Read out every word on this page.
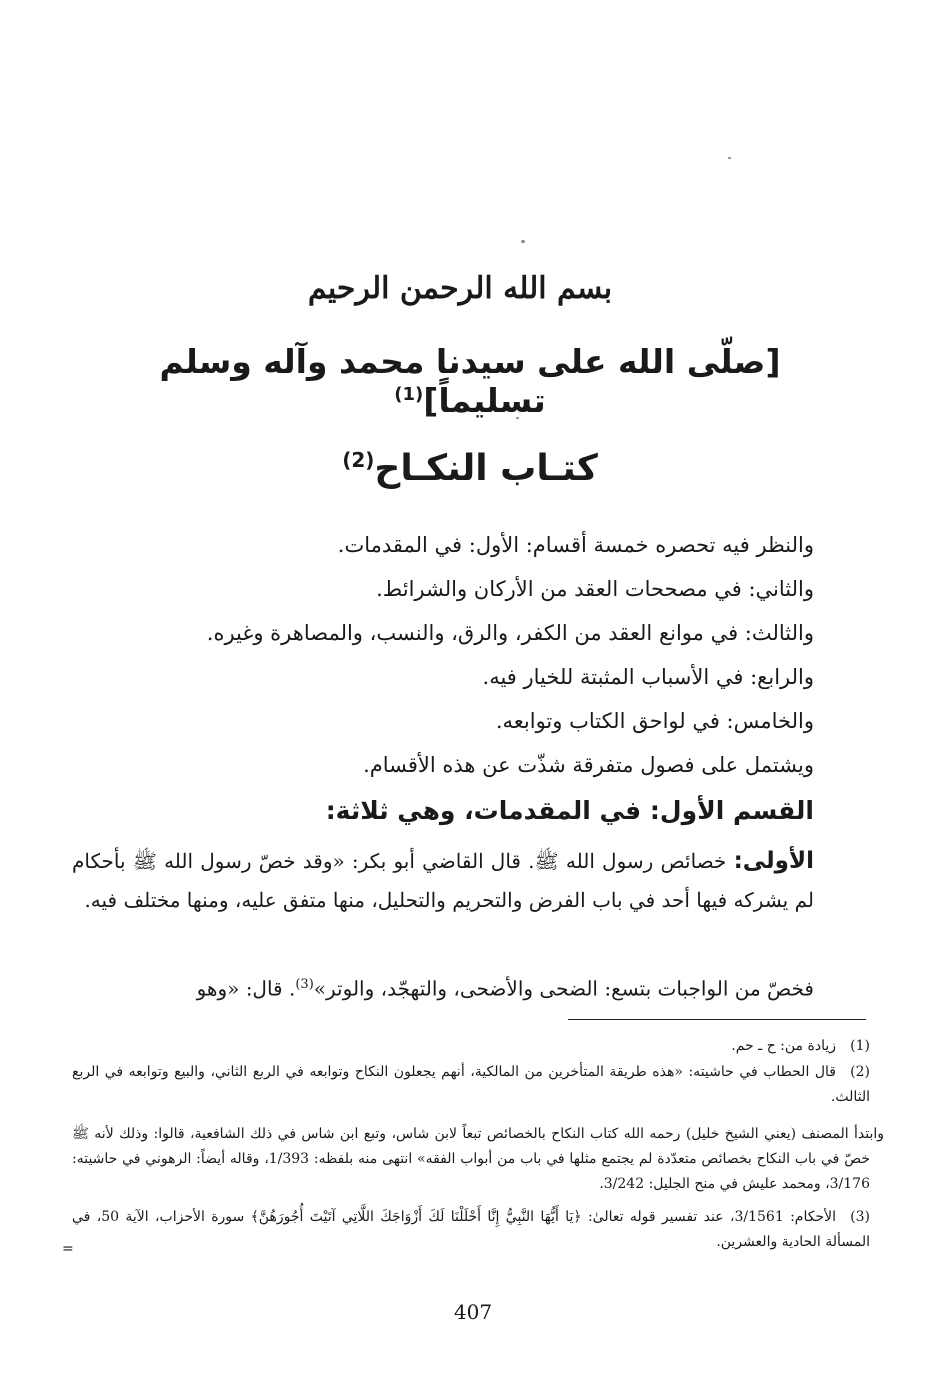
بسم الله الرحمن الرحيم
[صلّى الله على سيدنا محمد وآله وسلم تسليماً]$^{(1)}$
كتـاب النكـاح$^{(2)}$
والنظر فيه تحصره خمسة أقسام: الأول: في المقدمات.
والثاني: في مصححات العقد من الأركان والشرائط.
والثالث: في موانع العقد من الكفر، والرق، والنسب، والمصاهرة وغيره.
والرابع: في الأسباب المثبتة للخيار فيه.
والخامس: في لواحق الكتاب وتوابعه.
ويشتمل على فصول متفرقة شذّت عن هذه الأقسام.
القسم الأول: في المقدمات، وهي ثلاثة:
الأولى: خصائص رسول الله ﷺ. قال القاضي أبو بكر: «وقد خصّ رسول الله ﷺ بأحكام لم يشركه فيها أحد في باب الفرض والتحريم والتحليل، منها متفق عليه، ومنها مختلف فيه.
فخصّ من الواجبات بتسع: الضحى والأضحى، والتهجّد، والوتر»$^{(3)}$. قال: «وهو
(1)زيادة من: ح ـ حم.
(2)قال الحطاب في حاشيته: «هذه طريقة المتأخرين من المالكية، أنهم يجعلون النكاح وتوابعه في الربع الثاني، والبيع وتوابعه في الربع الثالث.
وابتدأ المصنف (يعني الشيخ خليل) رحمه الله كتاب النكاح بالخصائص تبعاً لابن شاس، وتبع ابن شاس في ذلك الشافعية، قالوا: وذلك لأنه ﷺ خصّ في باب النكاح بخصائص متعدّدة لم يجتمع مثلها في باب من أبواب الفقه» انتهى منه بلفظه: 1/393، وقاله أيضاً: الرهوني في حاشيته: 3/176، ومحمد عليش في منح الجليل: 3/242.
(3)الأحكام: 3/1561، عند تفسير قوله تعالىٰ: ﴿يَا أَيُّهَا النَّبِيُّ إِنَّا أَحْلَلْنَا لَكَ أَزْوَاجَكَ اللَّاتِي آتَيْتَ أُجُورَهُنَّ﴾ سورة الأحزاب، الآية 50، في المسألة الحادية والعشرين.
=
407
